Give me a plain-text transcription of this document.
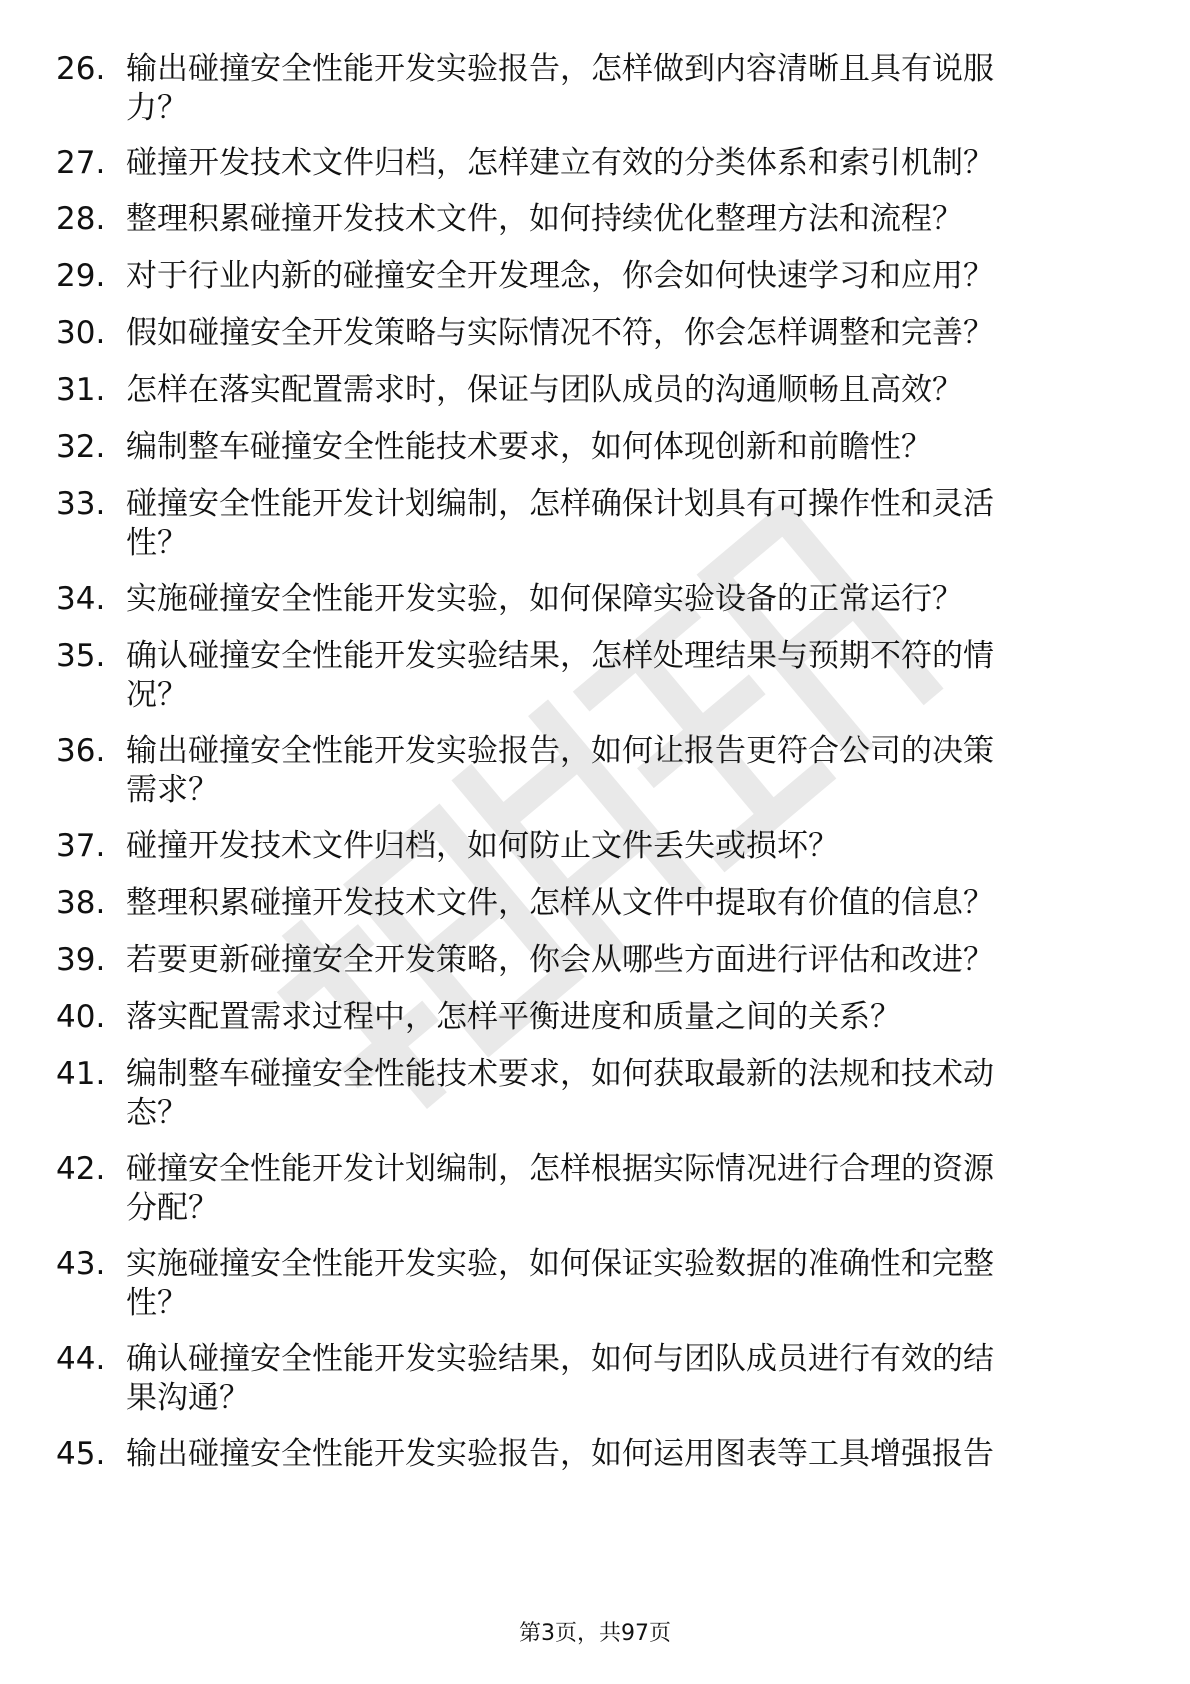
26. 输出碰撞安全性能开发实验报告，怎样做到内容清晰且具有说服
力？
27. 碰撞开发技术文件归档，怎样建立有效的分类体系和索引机制？
28. 整理积累碰撞开发技术文件，如何持续优化整理方法和流程？
29. 对于行业内新的碰撞安全开发理念，你会如何快速学习和应用？
30. 假如碰撞安全开发策略与实际情况不符，你会怎样调整和完善？
31. 怎样在落实配置需求时，保证与团队成员的沟通顺畅且高效？
32. 编制整车碰撞安全性能技术要求，如何体现创新和前瞻性？
33. 碰撞安全性能开发计划编制，怎样确保计划具有可操作性和灵活
性？
34. 实施碰撞安全性能开发实验，如何保障实验设备的正常运行？
35. 确认碰撞安全性能开发实验结果，怎样处理结果与预期不符的情
况？
36. 输出碰撞安全性能开发实验报告，如何让报告更符合公司的决策
需求？
37. 碰撞开发技术文件归档，如何防止文件丢失或损坏？
38. 整理积累碰撞开发技术文件，怎样从文件中提取有价值的信息？
39. 若要更新碰撞安全开发策略，你会从哪些方面进行评估和改进？
40. 落实配置需求过程中，怎样平衡进度和质量之间的关系？
41. 编制整车碰撞安全性能技术要求，如何获取最新的法规和技术动
态？
42. 碰撞安全性能开发计划编制，怎样根据实际情况进行合理的资源
分配？
43. 实施碰撞安全性能开发实验，如何保证实验数据的准确性和完整
性？
44. 确认碰撞安全性能开发实验结果，如何与团队成员进行有效的结
果沟通？
45. 输出碰撞安全性能开发实验报告，如何运用图表等工具增强报告
第3页，共97页
